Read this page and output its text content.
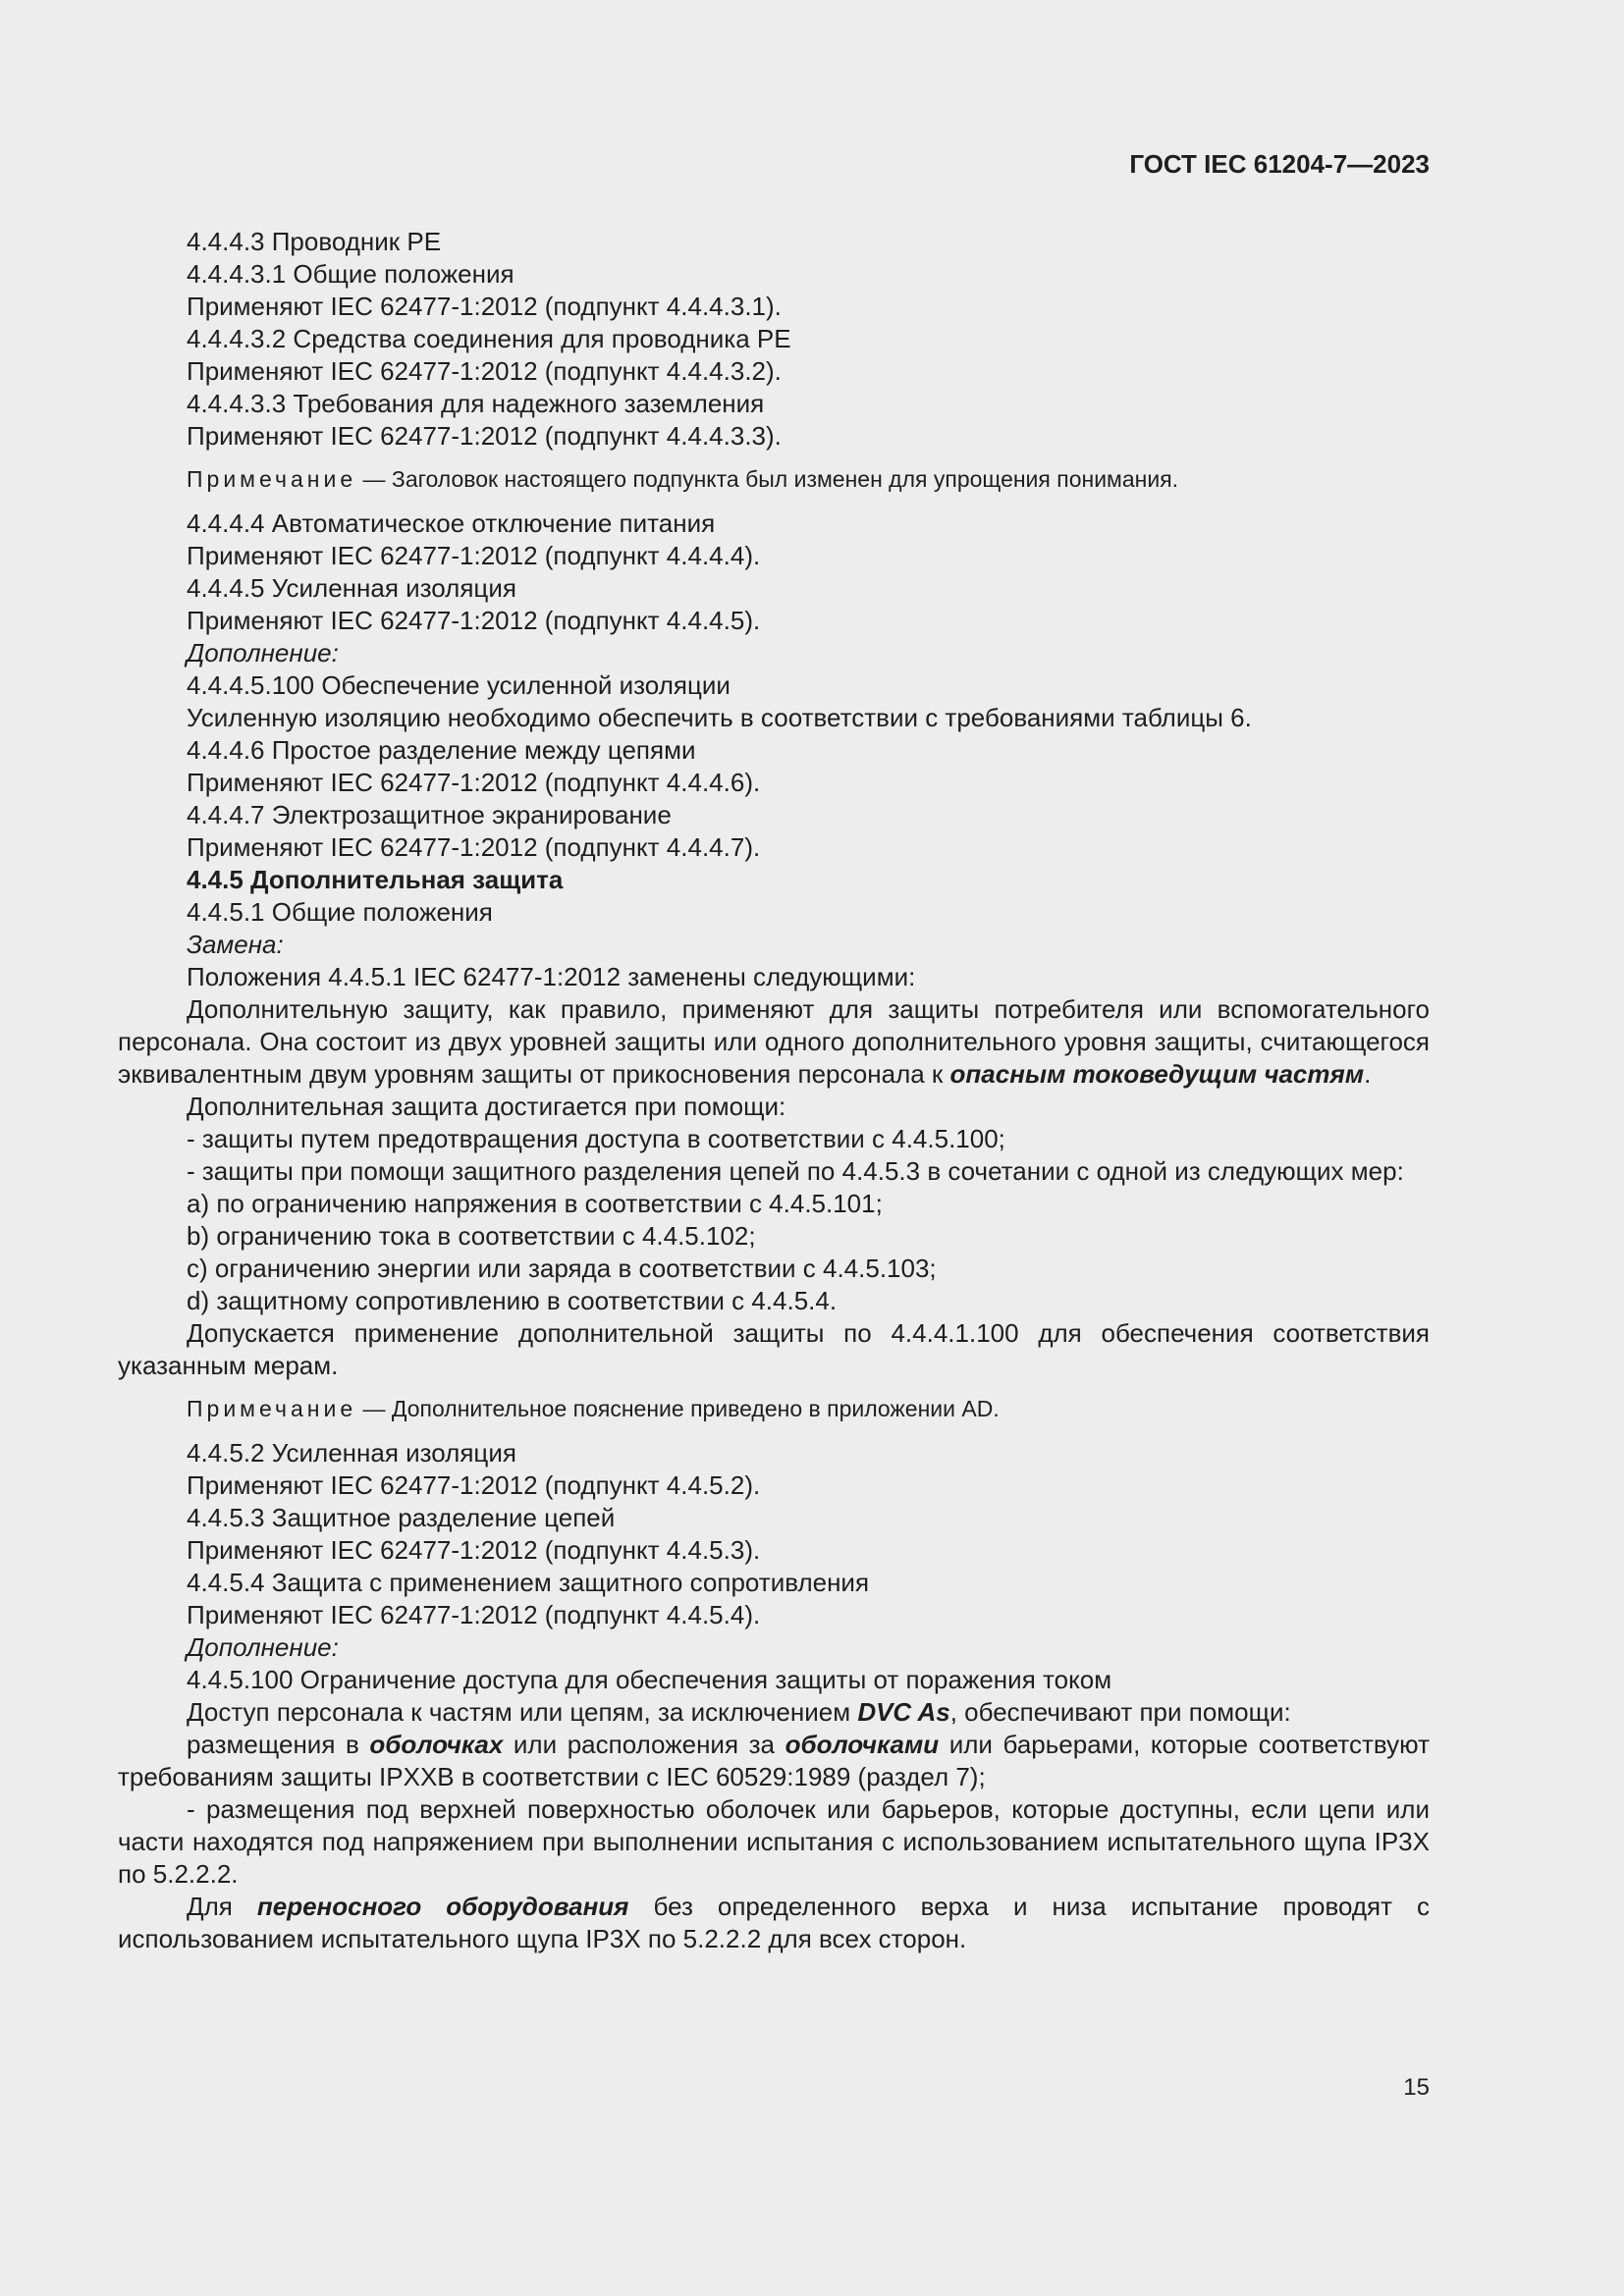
ГОСТ IEC 61204-7—2023

4.4.4.3 Проводник PE

4.4.4.3.1 Общие положения

Применяют IEC 62477-1:2012 (подпункт 4.4.4.3.1).

4.4.4.3.2 Средства соединения для проводника PE

Применяют IEC 62477-1:2012 (подпункт 4.4.4.3.2).

4.4.4.3.3 Требования для надежного заземления

Применяют IEC 62477-1:2012 (подпункт 4.4.4.3.3).

Примечание — Заголовок настоящего подпункта был изменен для упрощения понимания.

4.4.4.4 Автоматическое отключение питания

Применяют IEC 62477-1:2012 (подпункт 4.4.4.4).

4.4.4.5 Усиленная изоляция

Применяют IEC 62477-1:2012 (подпункт 4.4.4.5).

Дополнение:

4.4.4.5.100 Обеспечение усиленной изоляции

Усиленную изоляцию необходимо обеспечить в соответствии с требованиями таблицы 6.

4.4.4.6 Простое разделение между цепями

Применяют IEC 62477-1:2012 (подпункт 4.4.4.6).

4.4.4.7 Электрозащитное экранирование

Применяют IEC 62477-1:2012 (подпункт 4.4.4.7).

4.4.5 Дополнительная защита

4.4.5.1 Общие положения

Замена:

Положения 4.4.5.1 IEC 62477-1:2012 заменены следующими:

Дополнительную защиту, как правило, применяют для защиты потребителя или вспомогательного персонала. Она состоит из двух уровней защиты или одного дополнительного уровня защиты, считающегося эквивалентным двум уровням защиты от прикосновения персонала к опасным токоведущим частям.

Дополнительная защита достигается при помощи:

- защиты путем предотвращения доступа в соответствии с 4.4.5.100;

- защиты при помощи защитного разделения цепей по 4.4.5.3 в сочетании с одной из следующих мер:

a) по ограничению напряжения в соответствии с 4.4.5.101;

b) ограничению тока в соответствии с 4.4.5.102;

c) ограничению энергии или заряда в соответствии с 4.4.5.103;

d) защитному сопротивлению в соответствии с 4.4.5.4.

Допускается применение дополнительной защиты по 4.4.4.1.100 для обеспечения соответствия указанным мерам.

Примечание — Дополнительное пояснение приведено в приложении AD.

4.4.5.2 Усиленная изоляция

Применяют IEC 62477-1:2012 (подпункт 4.4.5.2).

4.4.5.3 Защитное разделение цепей

Применяют IEC 62477-1:2012 (подпункт 4.4.5.3).

4.4.5.4 Защита с применением защитного сопротивления

Применяют IEC 62477-1:2012 (подпункт 4.4.5.4).

Дополнение:

4.4.5.100 Ограничение доступа для обеспечения защиты от поражения током

Доступ персонала к частям или цепям, за исключением DVC As, обеспечивают при помощи:

размещения в оболочках или расположения за оболочками или барьерами, которые соответствуют требованиям защиты IPXXB в соответствии с IEC 60529:1989 (раздел 7);

- размещения под верхней поверхностью оболочек или барьеров, которые доступны, если цепи или части находятся под напряжением при выполнении испытания с использованием испытательного щупа IP3X по 5.2.2.2.

Для переносного оборудования без определенного верха и низа испытание проводят с использованием испытательного щупа IP3X по 5.2.2.2 для всех сторон.

15
